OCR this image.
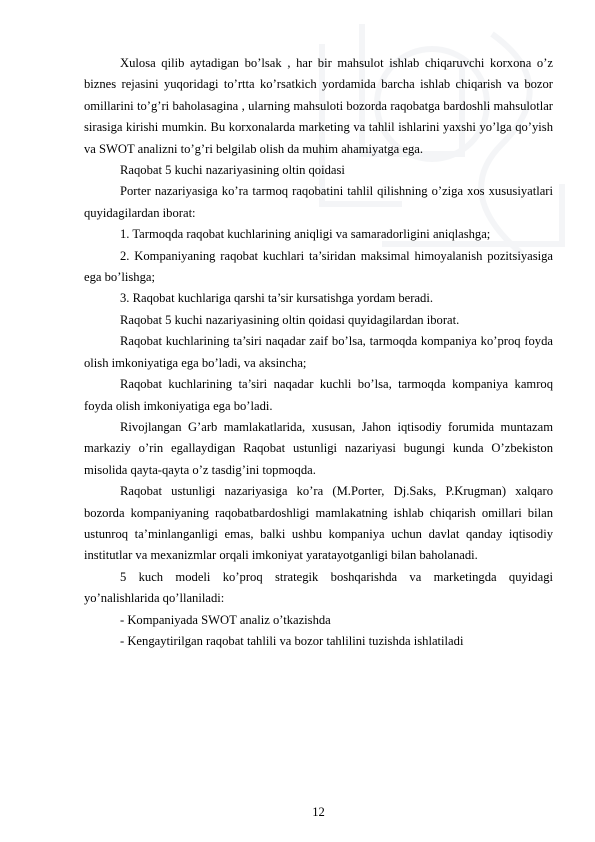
Xulosa qilib aytadigan bo’lsak , har bir mahsulot ishlab chiqaruvchi korxona o’z biznes rejasini yuqoridagi to’rtta ko’rsatkich yordamida barcha ishlab chiqarish va bozor omillarini to’g’ri baholasagina , ularning mahsuloti bozorda raqobatga bardoshli mahsulotlar sirasiga kirishi mumkin. Bu korxonalarda marketing va tahlil ishlarini yaxshi yo’lga qo’yish va SWOT analizni to’g’ri belgilab olish da muhim ahamiyatga ega.

Raqobat 5 kuchi nazariyasining oltin qoidasi

Porter nazariyasiga ko’ra tarmoq raqobatini tahlil qilishning o’ziga xos xususiyatlari quyidagilardan iborat:

1. Tarmoqda raqobat kuchlarining aniqligi va samaradorligini aniqlashga;

2. Kompaniyaning raqobat kuchlari ta’siridan maksimal himoyalanish pozitsiyasiga ega bo’lishga;

3. Raqobat kuchlariga qarshi ta’sir kursatishga yordam beradi.

Raqobat 5 kuchi nazariyasining oltin qoidasi quyidagilardan iborat.

Raqobat kuchlarining ta’siri naqadar zaif bo’lsa, tarmoqda kompaniya ko’proq foyda olish imkoniyatiga ega bo’ladi, va aksincha;

Raqobat kuchlarining ta’siri naqadar kuchli bo’lsa, tarmoqda kompaniya kamroq foyda olish imkoniyatiga ega bo’ladi.

Rivojlangan G’arb mamlakatlarida, xususan, Jahon iqtisodiy forumida muntazam markaziy o’rin egallaydigan Raqobat ustunligi nazariyasi bugungi kunda O’zbekiston misolida qayta-qayta o’z tasdig’ini topmoqda.

Raqobat ustunligi nazariyasiga ko’ra (M.Porter, Dj.Saks, P.Krugman) xalqaro bozorda kompaniyaning raqobatbardoshligi mamlakatning ishlab chiqarish omillari bilan ustunroq ta’minlanganligi emas, balki ushbu kompaniya uchun davlat qanday iqtisodiy institutlar va mexanizmlar orqali imkoniyat yaratayotganligi bilan baholanadi.

5 kuch modeli ko’proq strategik boshqarishda va marketingda quyidagi yo’nalishlarida qo’llaniladi:

- Kompaniyada SWOT analiz o’tkazishda

- Kengaytirilgan raqobat tahlili va bozor tahlilini tuzishda ishlatiladi

12
